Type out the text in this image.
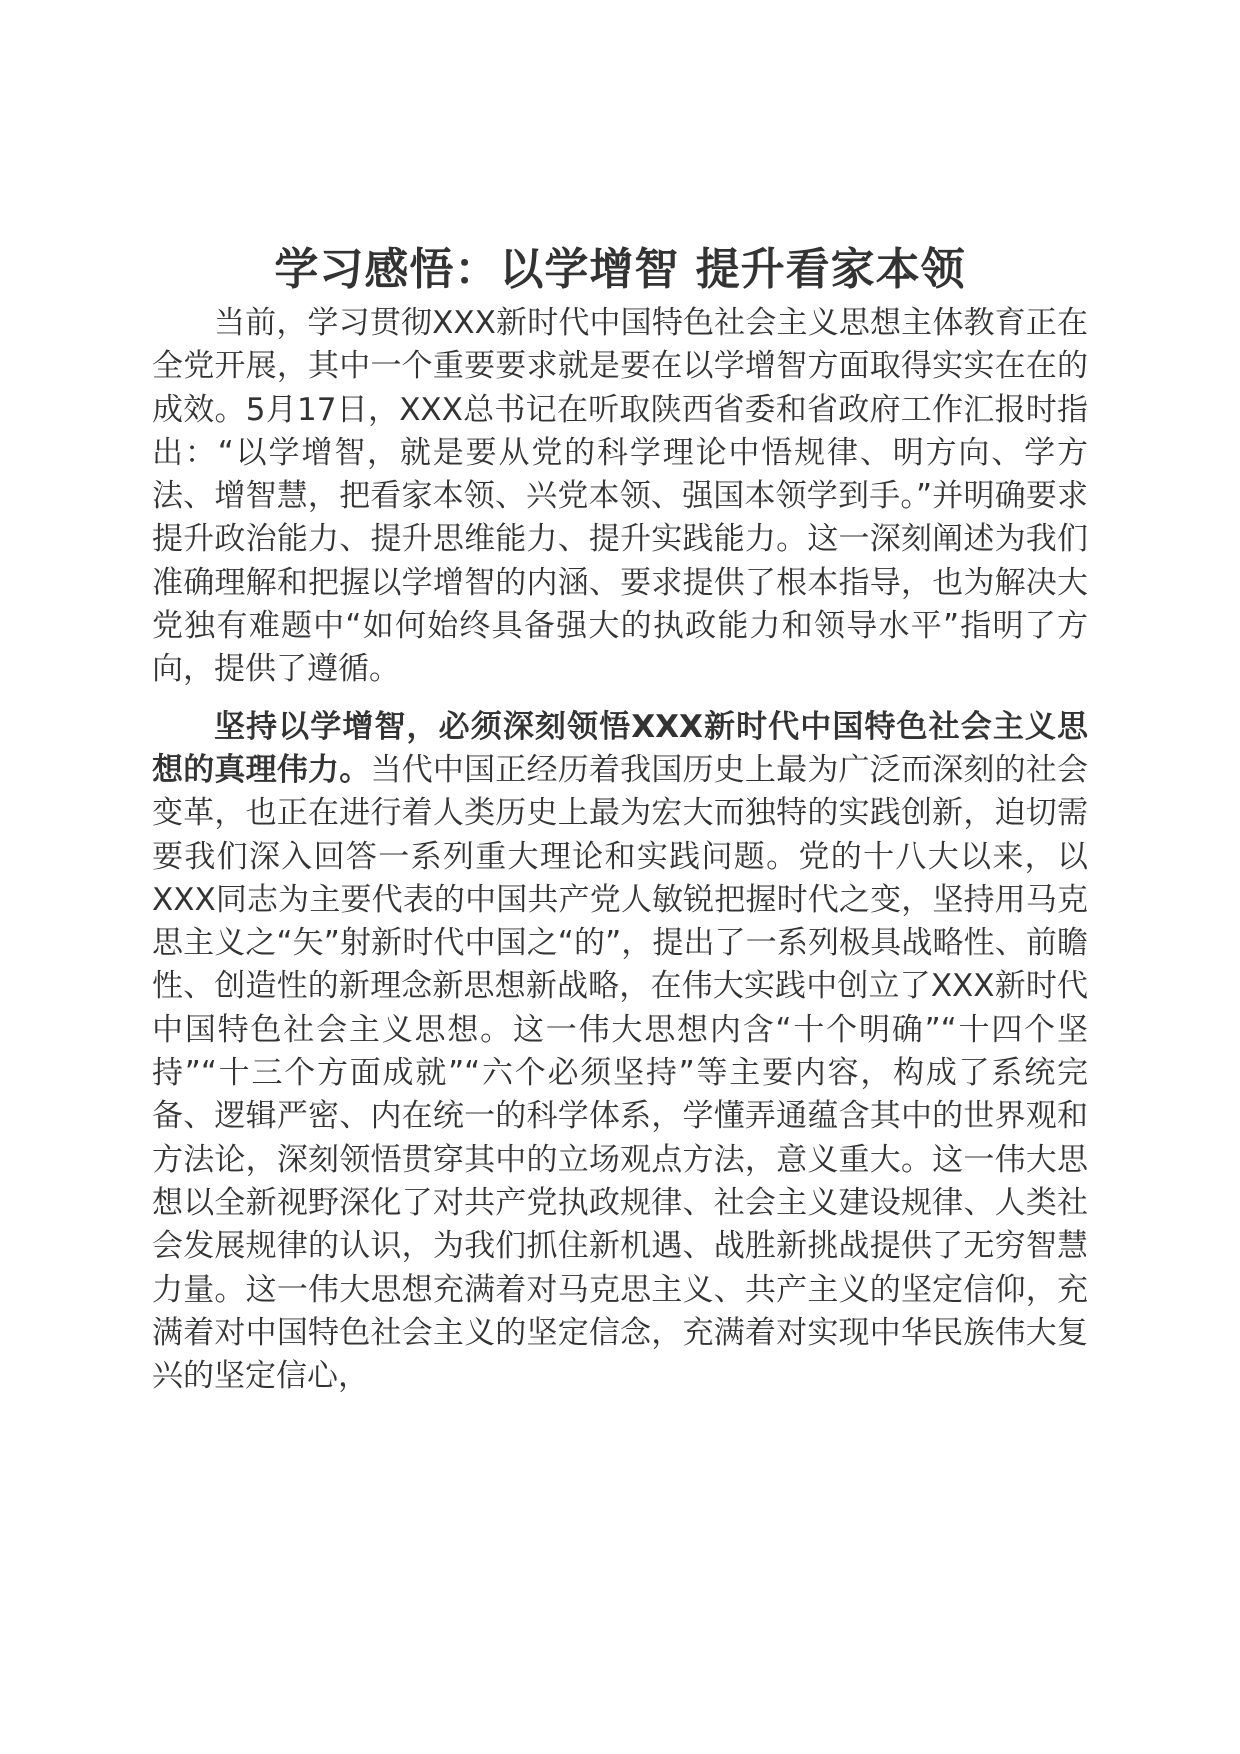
学习感悟：以学增智 提升看家本领

当前，学习贯彻XXX新时代中国特色社会主义思想主体教育正在全党开展，其中一个重要要求就是要在以学增智方面取得实实在在的成效。5月17日，XXX总书记在听取陕西省委和省政府工作汇报时指出：“以学增智，就是要从党的科学理论中悟规律、明方向、学方法、增智慧，把看家本领、兴党本领、强国本领学到手。”并明确要求提升政治能力、提升思维能力、提升实践能力。这一深刻阐述为我们准确理解和把握以学增智的内涵、要求提供了根本指导，也为解决大党独有难题中“如何始终具备强大的执政能力和领导水平”指明了方向，提供了遵循。

坚持以学增智，必须深刻领悟XXX新时代中国特色社会主义思想的真理伟力。当代中国正经历着我国历史上最为广泛而深刻的社会变革，也正在进行着人类历史上最为宏大而独特的实践创新，迫切需要我们深入回答一系列重大理论和实践问题。党的十八大以来，以XXX同志为主要代表的中国共产党人敏锐把握时代之变，坚持用马克思主义之“矢”射新时代中国之“的”，提出了一系列极具战略性、前瞻性、创造性的新理念新思想新战略，在伟大实践中创立了XXX新时代中国特色社会主义思想。这一伟大思想内含“十个明确”“十四个坚持”“十三个方面成就”“六个必须坚持”等主要内容，构成了系统完备、逻辑严密、内在统一的科学体系，学懂弄通蕴含其中的世界观和方法论，深刻领悟贯穿其中的立场观点方法，意义重大。这一伟大思想以全新视野深化了对共产党执政规律、社会主义建设规律、人类社会发展规律的认识，为我们抓住新机遇、战胜新挑战提供了无穷智慧力量。这一伟大思想充满着对马克思主义、共产主义的坚定信仰，充满着对中国特色社会主义的坚定信念，充满着对实现中华民族伟大复兴的坚定信心，
